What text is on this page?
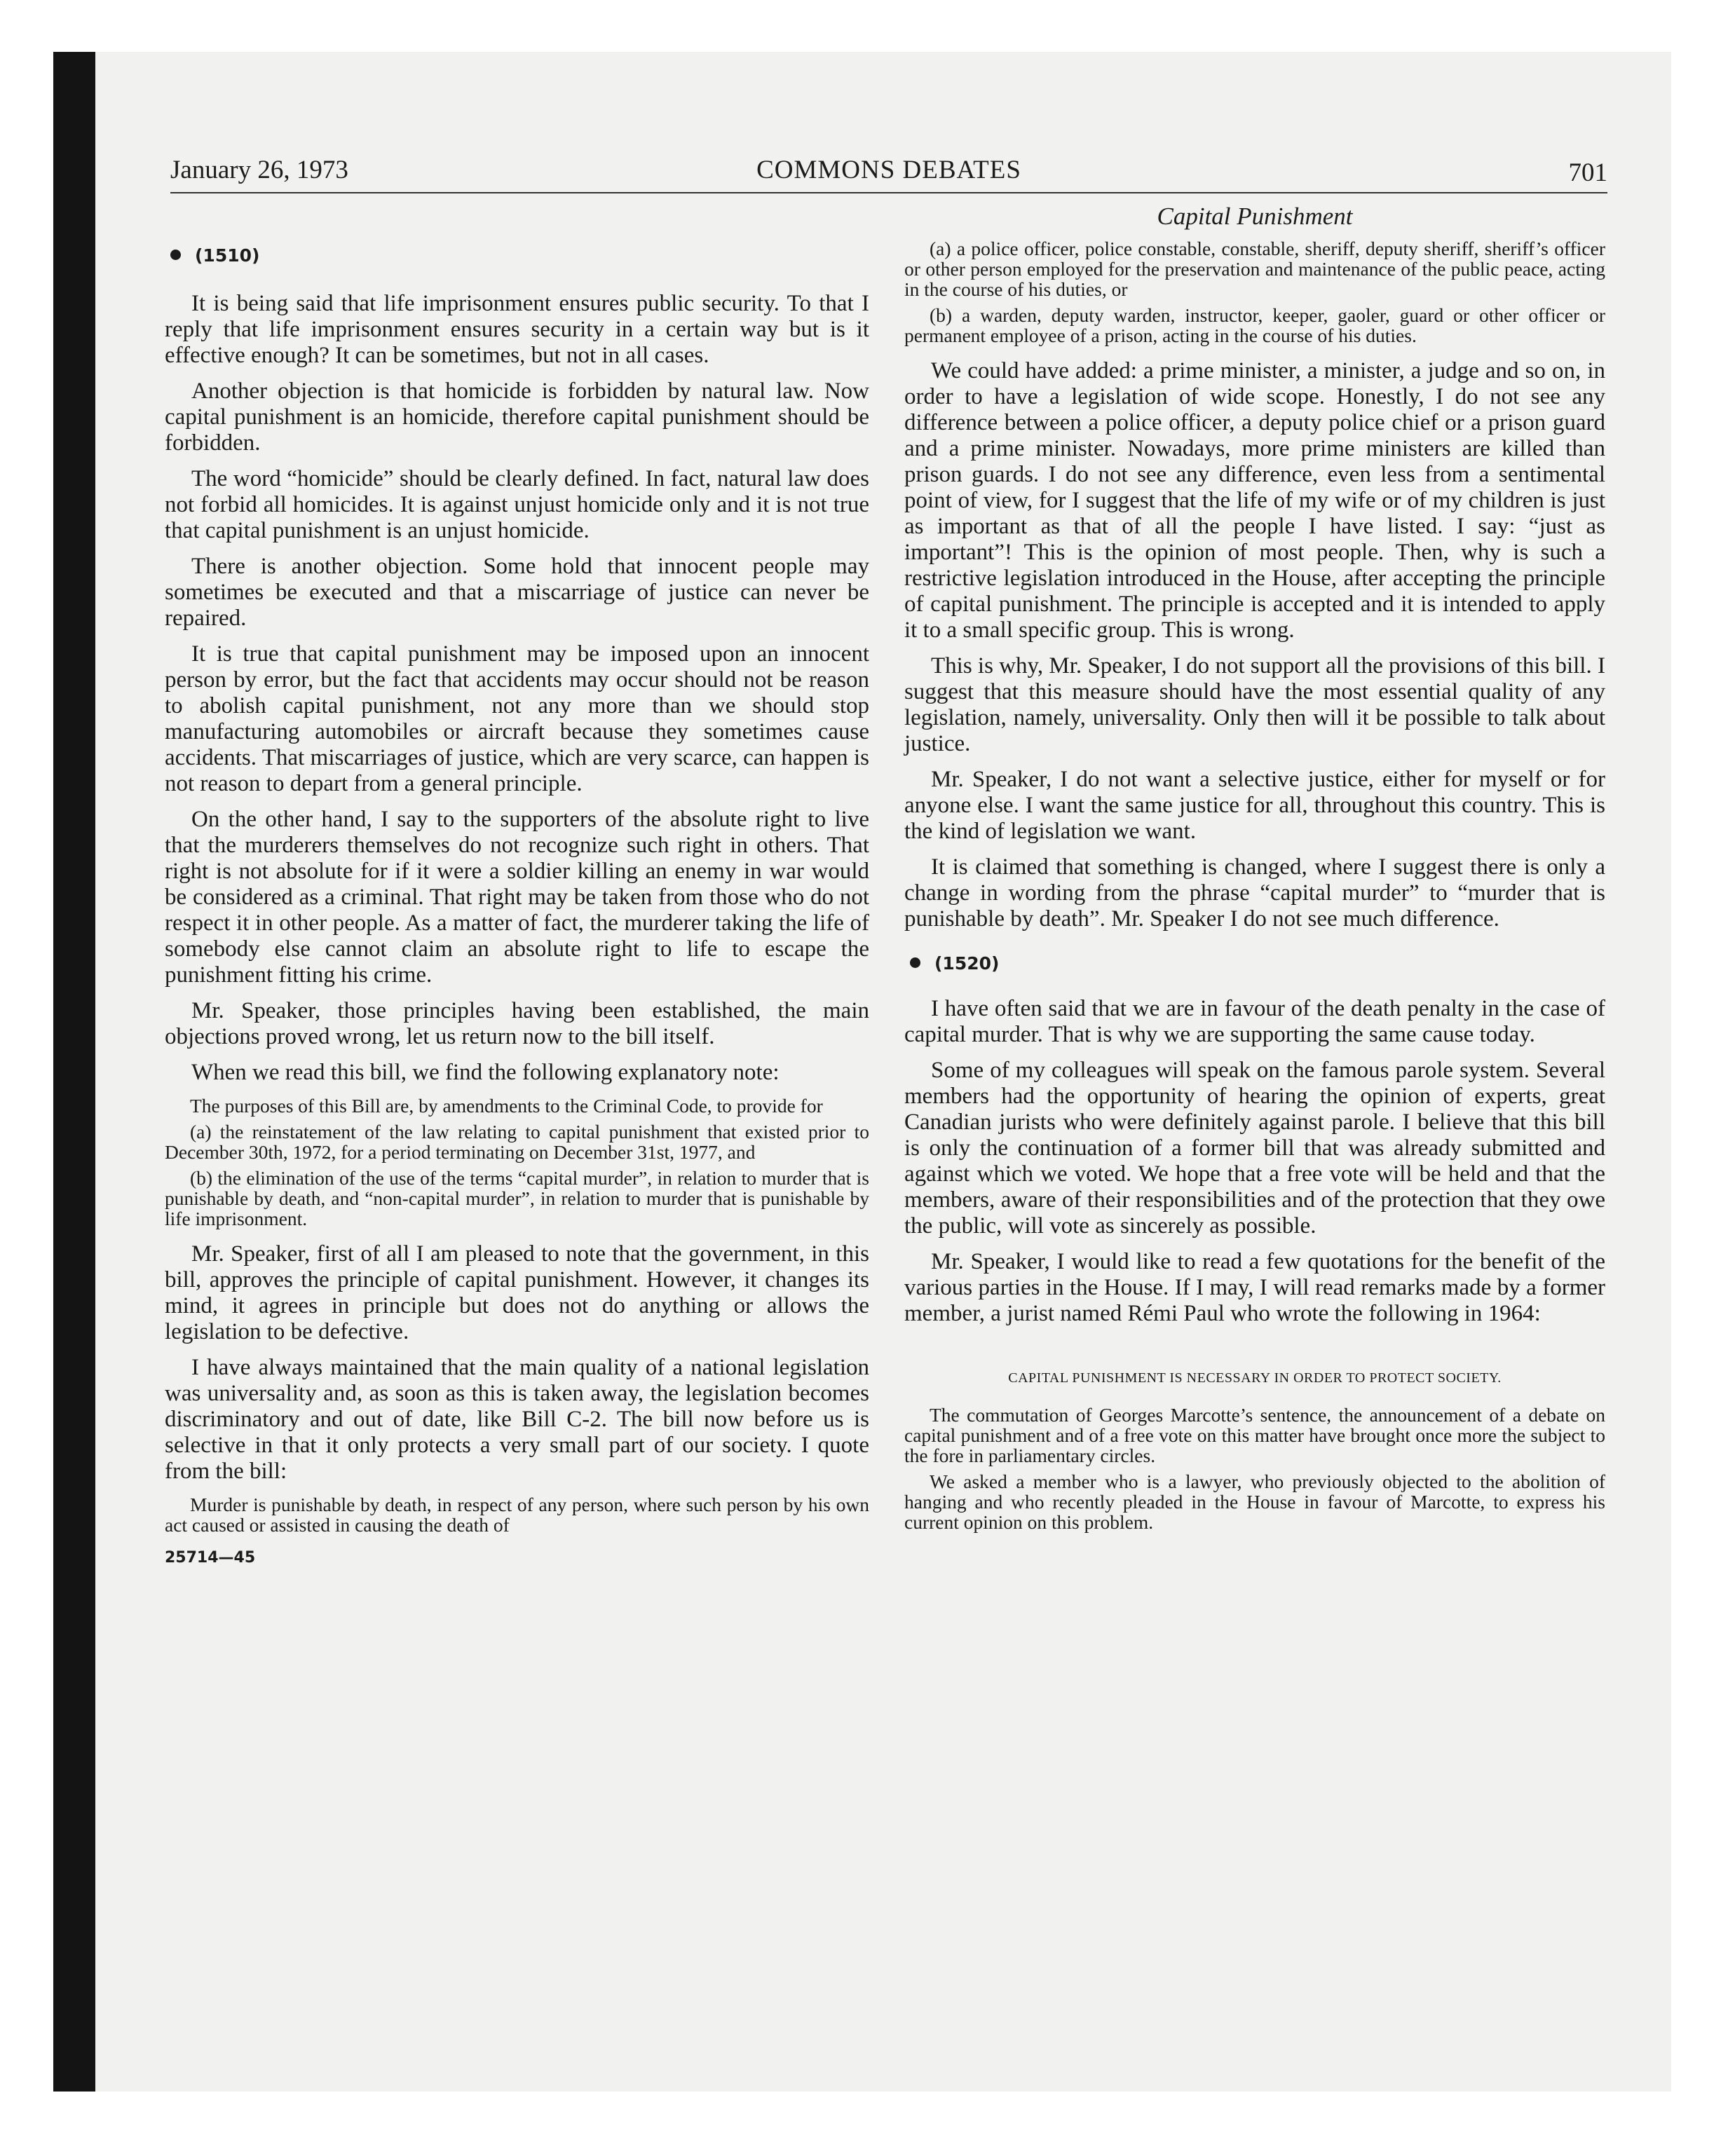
January 26, 1973	COMMONS DEBATES	701
(1510)

It is being said that life imprisonment ensures public security. To that I reply that life imprisonment ensures security in a certain way but is it effective enough? It can be sometimes, but not in all cases.

Another objection is that homicide is forbidden by natural law. Now capital punishment is an homicide, therefore capital punishment should be forbidden.

The word “homicide” should be clearly defined. In fact, natural law does not forbid all homicides. It is against unjust homicide only and it is not true that capital punishment is an unjust homicide.

There is another objection. Some hold that innocent people may sometimes be executed and that a miscarriage of justice can never be repaired.

It is true that capital punishment may be imposed upon an innocent person by error, but the fact that accidents may occur should not be reason to abolish capital punishment, not any more than we should stop manufacturing automobiles or aircraft because they sometimes cause accidents. That miscarriages of justice, which are very scarce, can happen is not reason to depart from a general principle.

On the other hand, I say to the supporters of the absolute right to live that the murderers themselves do not recognize such right in others. That right is not absolute for if it were a soldier killing an enemy in war would be considered as a criminal. That right may be taken from those who do not respect it in other people. As a matter of fact, the murderer taking the life of somebody else cannot claim an absolute right to life to escape the punishment fitting his crime.

Mr. Speaker, those principles having been established, the main objections proved wrong, let us return now to the bill itself.

When we read this bill, we find the following explanatory note:

The purposes of this Bill are, by amendments to the Criminal Code, to provide for

(a) the reinstatement of the law relating to capital punishment that existed prior to December 30th, 1972, for a period terminating on December 31st, 1977, and

(b) the elimination of the use of the terms “capital murder”, in relation to murder that is punishable by death, and “non-capital murder”, in relation to murder that is punishable by life imprisonment.

Mr. Speaker, first of all I am pleased to note that the government, in this bill, approves the principle of capital punishment. However, it changes its mind, it agrees in principle but does not do anything or allows the legislation to be defective.

I have always maintained that the main quality of a national legislation was universality and, as soon as this is taken away, the legislation becomes discriminatory and out of date, like Bill C-2. The bill now before us is selective in that it only protects a very small part of our society. I quote from the bill:

Murder is punishable by death, in respect of any person, where such person by his own act caused or assisted in causing the death of

25714—45
Capital Punishment

(a) a police officer, police constable, constable, sheriff, deputy sheriff, sheriff’s officer or other person employed for the preservation and maintenance of the public peace, acting in the course of his duties, or

(b) a warden, deputy warden, instructor, keeper, gaoler, guard or other officer or permanent employee of a prison, acting in the course of his duties.

We could have added: a prime minister, a minister, a judge and so on, in order to have a legislation of wide scope. Honestly, I do not see any difference between a police officer, a deputy police chief or a prison guard and a prime minister. Nowadays, more prime ministers are killed than prison guards. I do not see any difference, even less from a sentimental point of view, for I suggest that the life of my wife or of my children is just as important as that of all the people I have listed. I say: “just as important”! This is the opinion of most people. Then, why is such a restrictive legislation introduced in the House, after accepting the principle of capital punishment. The principle is accepted and it is intended to apply it to a small specific group. This is wrong.

This is why, Mr. Speaker, I do not support all the provisions of this bill. I suggest that this measure should have the most essential quality of any legislation, namely, universality. Only then will it be possible to talk about justice.

Mr. Speaker, I do not want a selective justice, either for myself or for anyone else. I want the same justice for all, throughout this country. This is the kind of legislation we want.

It is claimed that something is changed, where I suggest there is only a change in wording from the phrase “capital murder” to “murder that is punishable by death”. Mr. Speaker I do not see much difference.

(1520)

I have often said that we are in favour of the death penalty in the case of capital murder. That is why we are supporting the same cause today.

Some of my colleagues will speak on the famous parole system. Several members had the opportunity of hearing the opinion of experts, great Canadian jurists who were definitely against parole. I believe that this bill is only the continuation of a former bill that was already submitted and against which we voted. We hope that a free vote will be held and that the members, aware of their responsibilities and of the protection that they owe the public, will vote as sincerely as possible.

Mr. Speaker, I would like to read a few quotations for the benefit of the various parties in the House. If I may, I will read remarks made by a former member, a jurist named Rémi Paul who wrote the following in 1964:

CAPITAL PUNISHMENT IS NECESSARY IN ORDER TO PROTECT SOCIETY.

The commutation of Georges Marcotte’s sentence, the announcement of a debate on capital punishment and of a free vote on this matter have brought once more the subject to the fore in parliamentary circles.

We asked a member who is a lawyer, who previously objected to the abolition of hanging and who recently pleaded in the House in favour of Marcotte, to express his current opinion on this problem.
